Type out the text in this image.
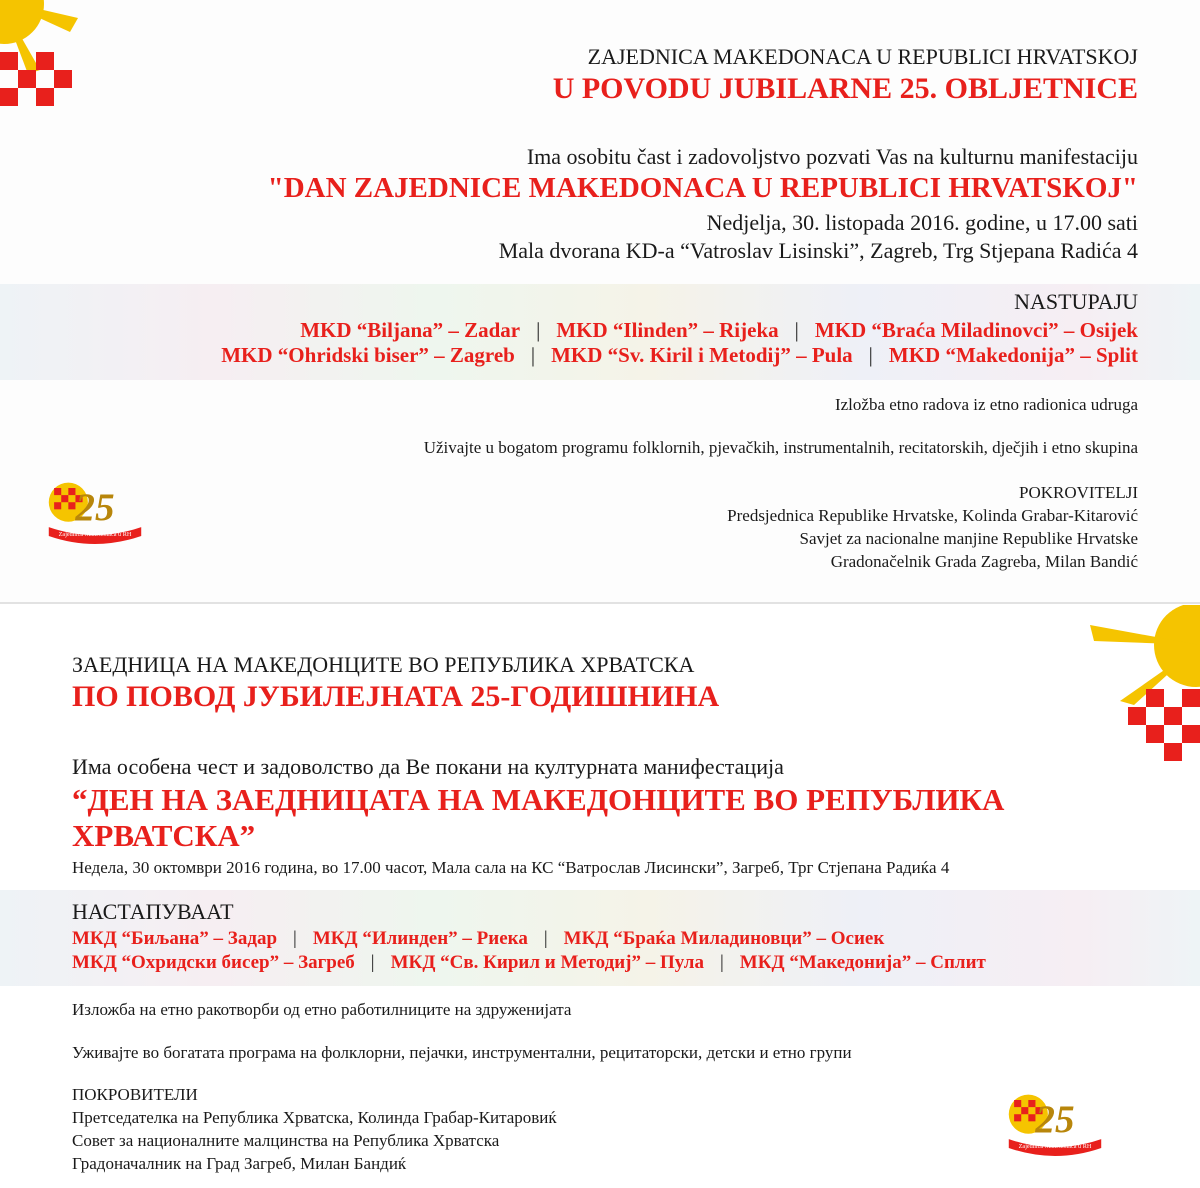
ZAJEDNICA MAKEDONACA U REPUBLICI HRVATSKOJ
U POVODU JUBILARNE 25. OBLJETNICE
Ima osobitu čast i zadovoljstvo pozvati Vas na kulturnu manifestaciju
"DAN ZAJEDNICE MAKEDONACA U REPUBLICI HRVATSKOJ"
Nedjelja, 30. listopada 2016. godine, u 17.00 sati
Mala dvorana KD-a “Vatroslav Lisinski”, Zagreb, Trg Stjepana Radića 4
NASTUPAJU
MKD “Biljana” – Zadar | MKD “Ilinden” – Rijeka | MKD “Braća Miladinovci” – Osijek
MKD “Ohridski biser” – Zagreb | MKD “Sv. Kiril i Metodij” – Pula | MKD “Makedonija” – Split
Izložba etno radova iz etno radionica udruga
Uživajte u bogatom programu folklornih, pjevačkih, instrumentalnih, recitatorskih, dječjih i etno skupina
25
Zajednica Makedonaca u RH
POKROVITELJI
Predsjednica Republike Hrvatske, Kolinda Grabar-Kitarović
Savjet za nacionalne manjine Republike Hrvatske
Gradonačelnik Grada Zagreba, Milan Bandić
ЗАЕДНИЦА НА МАКЕДОНЦИТЕ ВО РЕПУБЛИКА ХРВАТСКА
ПО ПОВОД ЈУБИЛЕЈНАТА 25-ГОДИШНИНА
Има особена чест и задоволство да Ве покани на културната манифестација
“ДЕН НА ЗАЕДНИЦАТА НА МАКЕДОНЦИТЕ ВО РЕПУБЛИКА
ХРВАТСКА”
Недела, 30 октомври 2016 година, во 17.00 часот, Мала сала на КС “Ватрослав Лисински”, Загреб, Трг Стјепана Радиќа 4
НАСТАПУВААТ
МКД “Биљана” – Задар | МКД “Илинден” – Риека | МКД “Браќа Миладиновци” – Осиек
МКД “Охридски бисер” – Загреб | МКД “Св. Кирил и Методиј” – Пула | МКД “Македонија” – Сплит
Изложба на етно ракотворби од етно работилниците на здруженијата
Уживајте во богатата програма на фолклорни, пејачки, инструментални, рецитаторски, детски и етно групи
ПОКРОВИТЕЛИ
Претседателка на Република Хрватска, Колинда Грабар-Китаровиќ
Совет за националните малцинства на Република Хрватска
Градоначалник на Град Загреб, Милан Бандиќ
25
Zajednica Makedonaca u RH
